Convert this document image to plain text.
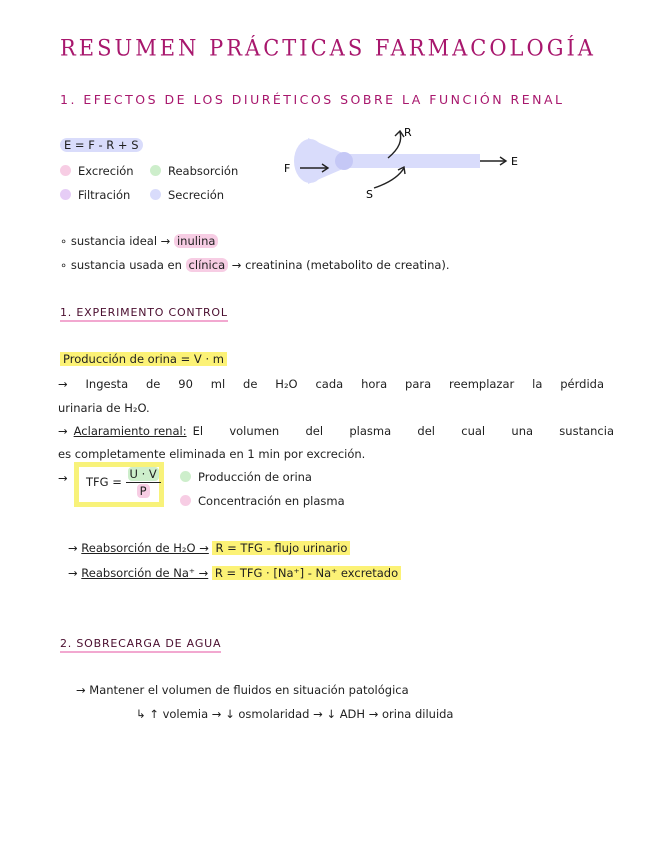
RESUMEN PRÁCTICAS FARMACOLOGÍA
1. EFECTOS DE LOS DIURÉTICOS SOBRE LA FUNCIÓN RENAL
E = F - R + S
Excreción	Reabsorción
Filtración	Secreción
F
R
S
E
∘ sustancia ideal → inulina
∘ sustancia usada en clínica → creatinina (metabolito de creatina).
1. EXPERIMENTO CONTROL
Producción de orina = V · m
→ Ingesta de 90 ml de H₂O cada hora para reemplazar la pérdida
urinaria de H₂O.
→ Aclaramiento renal: El volumen del plasma del cual una sustancia
es completamente eliminada en 1 min por excreción.
→ TFG = $\frac{U \cdot V}{P}$	Producción de orina
Concentración en plasma
→ Reabsorción de H₂O → R = TFG - flujo urinario
→ Reabsorción de Na⁺ → R = TFG · [Na⁺] - Na⁺ excretado
2. SOBRECARGA DE AGUA
→ Mantener el volumen de fluidos en situación patológica
↳ ↑ volemia → ↓ osmolaridad → ↓ ADH → orina diluida
